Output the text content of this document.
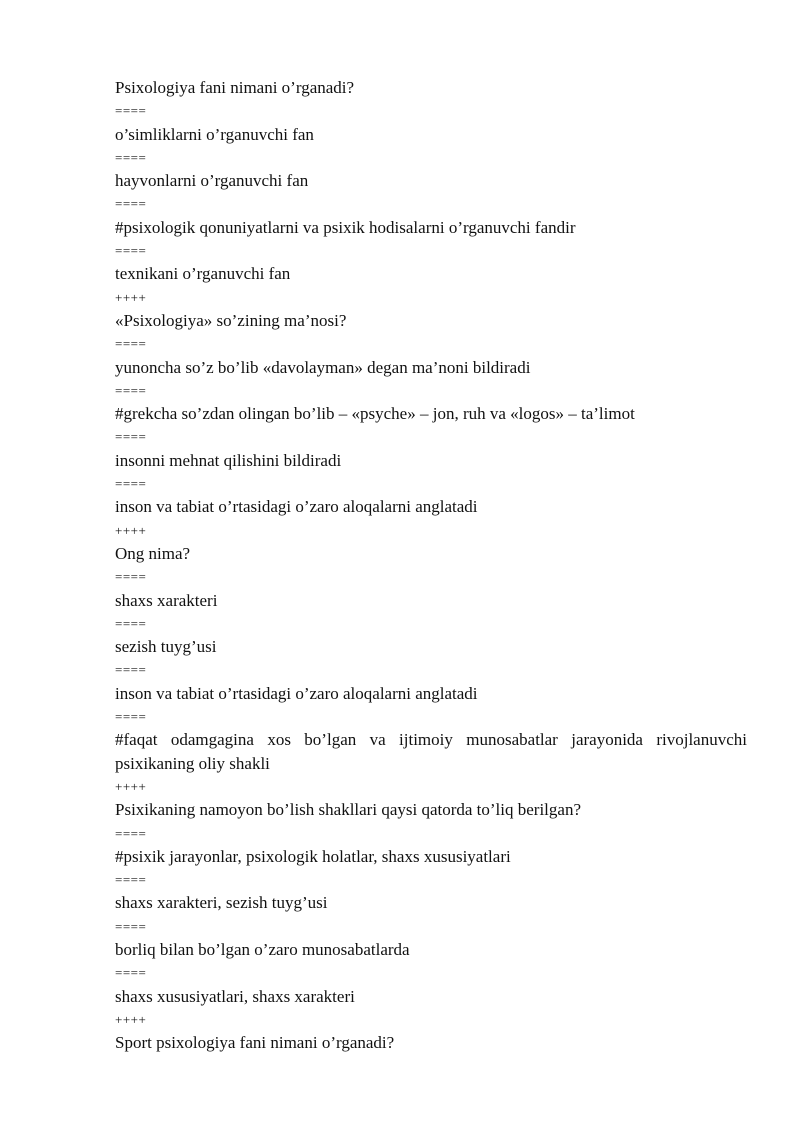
Psixologiya fani nimani o’rganadi?
====
o’simliklarni o’rganuvchi fan
====
hayvonlarni o’rganuvchi fan
====
#psixologik qonuniyatlarni va psixik hodisalarni o’rganuvchi fandir
====
texnikani o’rganuvchi fan
++++
«Psixologiya» so’zining ma’nosi?
====
yunoncha so’z bo’lib «davolayman» degan ma’noni bildiradi
====
#grekcha so’zdan olingan bo’lib – «psyche» – jon, ruh va «logos» – ta’limot
====
insonni mehnat qilishini bildiradi
====
inson va tabiat o’rtasidagi o’zaro aloqalarni anglatadi
++++
Ong nima?
====
shaxs xarakteri
====
sezish tuyg’usi
====
inson va tabiat o’rtasidagi o’zaro aloqalarni anglatadi
====
#faqat odamgagina xos bo’lgan va ijtimoiy munosabatlar jarayonida rivojlanuvchi psixikaning oliy shakli
++++
Psixikaning namoyon bo’lish shakllari qaysi qatorda to’liq berilgan?
====
#psixik jarayonlar, psixologik holatlar, shaxs xususiyatlari
====
shaxs xarakteri, sezish tuyg’usi
====
borliq bilan bo’lgan o’zaro munosabatlarda
====
shaxs xususiyatlari, shaxs xarakteri
++++
Sport psixologiya fani nimani o’rganadi?
